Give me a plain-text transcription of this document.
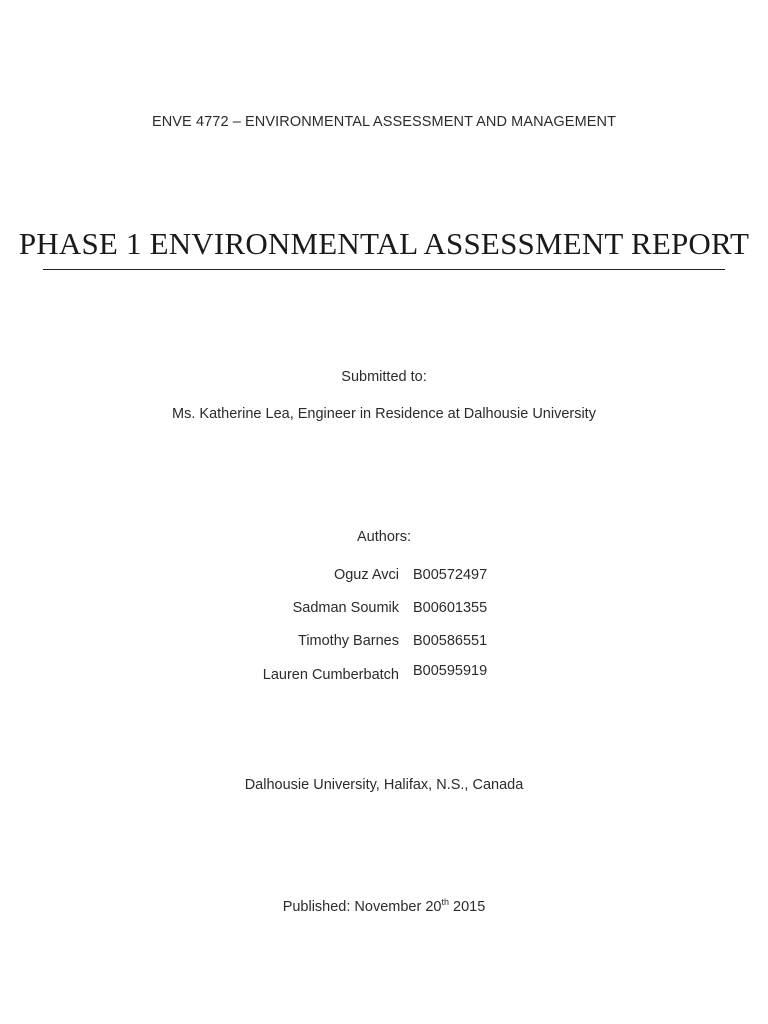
ENVE 4772 – ENVIRONMENTAL ASSESSMENT AND MANAGEMENT
PHASE 1 ENVIRONMENTAL ASSESSMENT REPORT
Submitted to:
Ms. Katherine Lea, Engineer in Residence at Dalhousie University
Authors:
Oguz Avci B00572497
Sadman Soumik B00601355
Timothy Barnes B00586551
Lauren Cumberbatch B00595919
Dalhousie University, Halifax, N.S., Canada
Published: November 20th 2015
